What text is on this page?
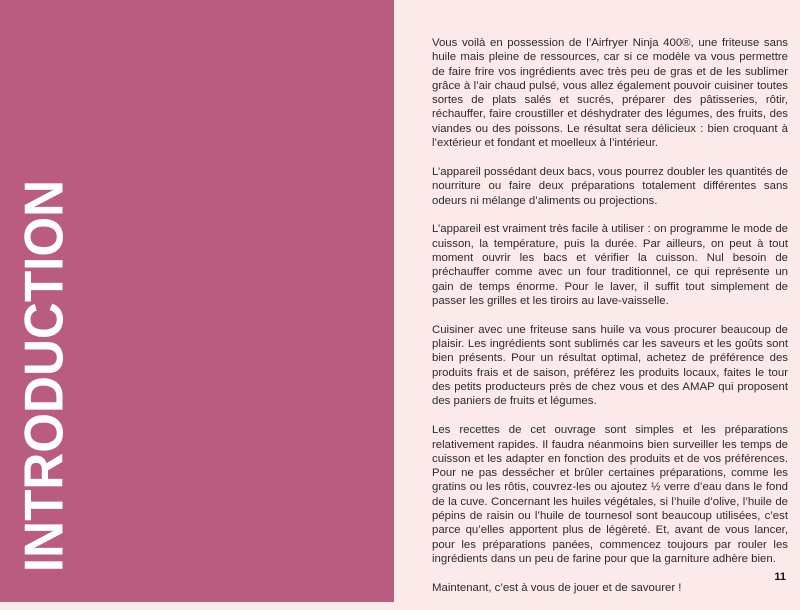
INTRODUCTION

Vous voilà en possession de l’Airfryer Ninja 400®, une friteuse sans huile mais pleine de ressources, car si ce modèle va vous permettre de faire frire vos ingrédients avec très peu de gras et de les sublimer grâce à l’air chaud pulsé, vous allez également pouvoir cuisiner toutes sortes de plats salés et sucrés, préparer des pâtisseries, rôtir, réchauffer, faire croustiller et déshydrater des légumes, des fruits, des viandes ou des poissons. Le résultat sera délicieux : bien croquant à l’extérieur et fondant et moelleux à l’intérieur.

L’appareil possédant deux bacs, vous pourrez doubler les quantités de nourriture ou faire deux préparations totalement différentes sans odeurs ni mélange d’aliments ou projections.

L’appareil est vraiment très facile à utiliser : on programme le mode de cuisson, la température, puis la durée. Par ailleurs, on peut à tout moment ouvrir les bacs et vérifier la cuisson. Nul besoin de préchauffer comme avec un four traditionnel, ce qui représente un gain de temps énorme. Pour le laver, il suffit tout simplement de passer les grilles et les tiroirs au lave-vaisselle.

Cuisiner avec une friteuse sans huile va vous procurer beaucoup de plaisir. Les ingrédients sont sublimés car les saveurs et les goûts sont bien présents. Pour un résultat optimal, achetez de préférence des produits frais et de saison, préférez les produits locaux, faites le tour des petits producteurs près de chez vous et des AMAP qui proposent des paniers de fruits et légumes.

Les recettes de cet ouvrage sont simples et les préparations relativement rapides. Il faudra néanmoins bien surveiller les temps de cuisson et les adapter en fonction des produits et de vos préférences. Pour ne pas dessécher et brûler certaines préparations, comme les gratins ou les rôtis, couvrez-les ou ajoutez ½ verre d’eau dans le fond de la cuve. Concernant les huiles végétales, si l’huile d’olive, l’huile de pépins de raisin ou l’huile de tournesol sont beaucoup utilisées, c’est parce qu’elles apportent plus de légèreté. Et, avant de vous lancer, pour les préparations panées, commencez toujours par rouler les ingrédients dans un peu de farine pour que la garniture adhère bien.

Maintenant, c’est à vous de jouer et de savourer !

11
